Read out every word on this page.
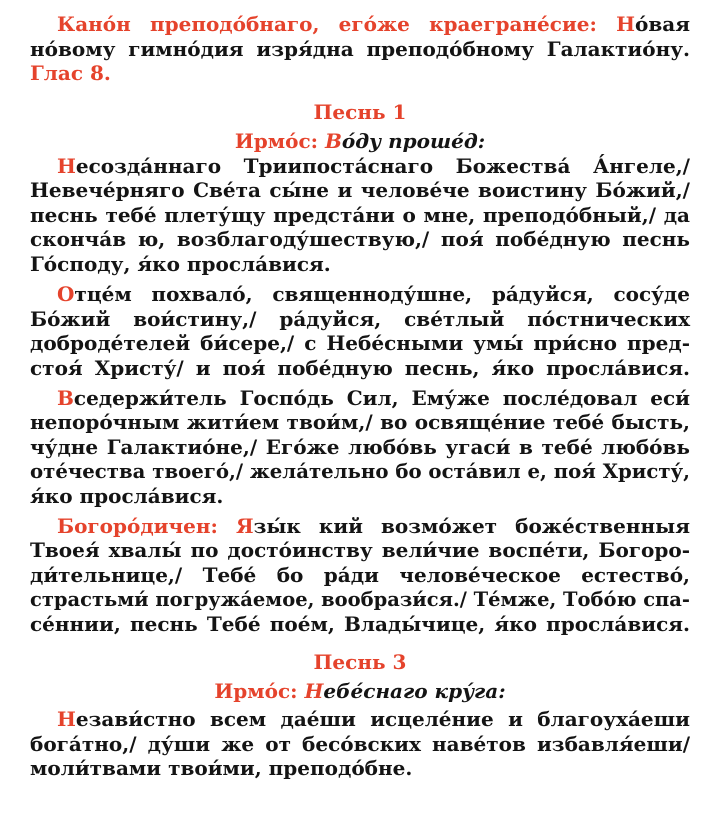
Кано́н преподо́бнаго, его́же краегране́сие: Но́вая
но́вому гимно́дия изря́дна преподо́бному Галактио́ну.
Глас 8.
Песнь 1
Ирмо́с: Во́ду проше́д:
Несозда́ннаго Триипоста́снаго Божества́ А́нгеле,/
Невече́рняго Све́та сы́не и челове́че воистину Бо́жий,/
песнь тебе́ плету́щу предста́ни о мне, преподо́бный,/ да
сконча́в ю, возблагоду́шествую,/ поя́ побе́дную песнь
Го́споду, я́ко просла́вися.
Отце́м похвало́, священноду́шне, ра́дуйся, сосу́де
Бо́жий вои́стину,/ ра́дуйся, све́тлый по́стнических
доброде́телей би́сере,/ с Небе́сными умы́ при́сно пред-
стоя́ Христу́/ и поя́ побе́дную песнь, я́ко просла́вися.
Вседержи́тель Госпо́дь Сил, Ему́же после́довал еси́
непоро́чным жити́ем твои́м,/ во освяще́ние тебе́ бысть,
чу́дне Галактио́не,/ Его́же любо́вь угаси́ в тебе́ любо́вь
оте́чества твоего́,/ жела́тельно бо оста́вил е, поя́ Христу́,
я́ко просла́вися.
Богоро́дичен: Язы́к кий возмо́жет боже́ственныя
Твоея́ хвалы́ по досто́инству вели́чие воспе́ти, Богоро-
ди́тельнице,/ Тебе́ бо ра́ди челове́ческое естество́,
страстьми́ погружа́емое, вообрази́ся./ Те́мже, Тобо́ю спа-
се́ннии, песнь Тебе́ пое́м, Влады́чице, я́ко просла́вися.
Песнь 3
Ирмо́с: Небе́снаго кру́га:
Незави́стно всем дае́ши исцеле́ние и благоуха́еши
бога́тно,/ ду́ши же от бесо́вских наве́тов избавля́еши/
моли́твами твои́ми, преподо́бне.
